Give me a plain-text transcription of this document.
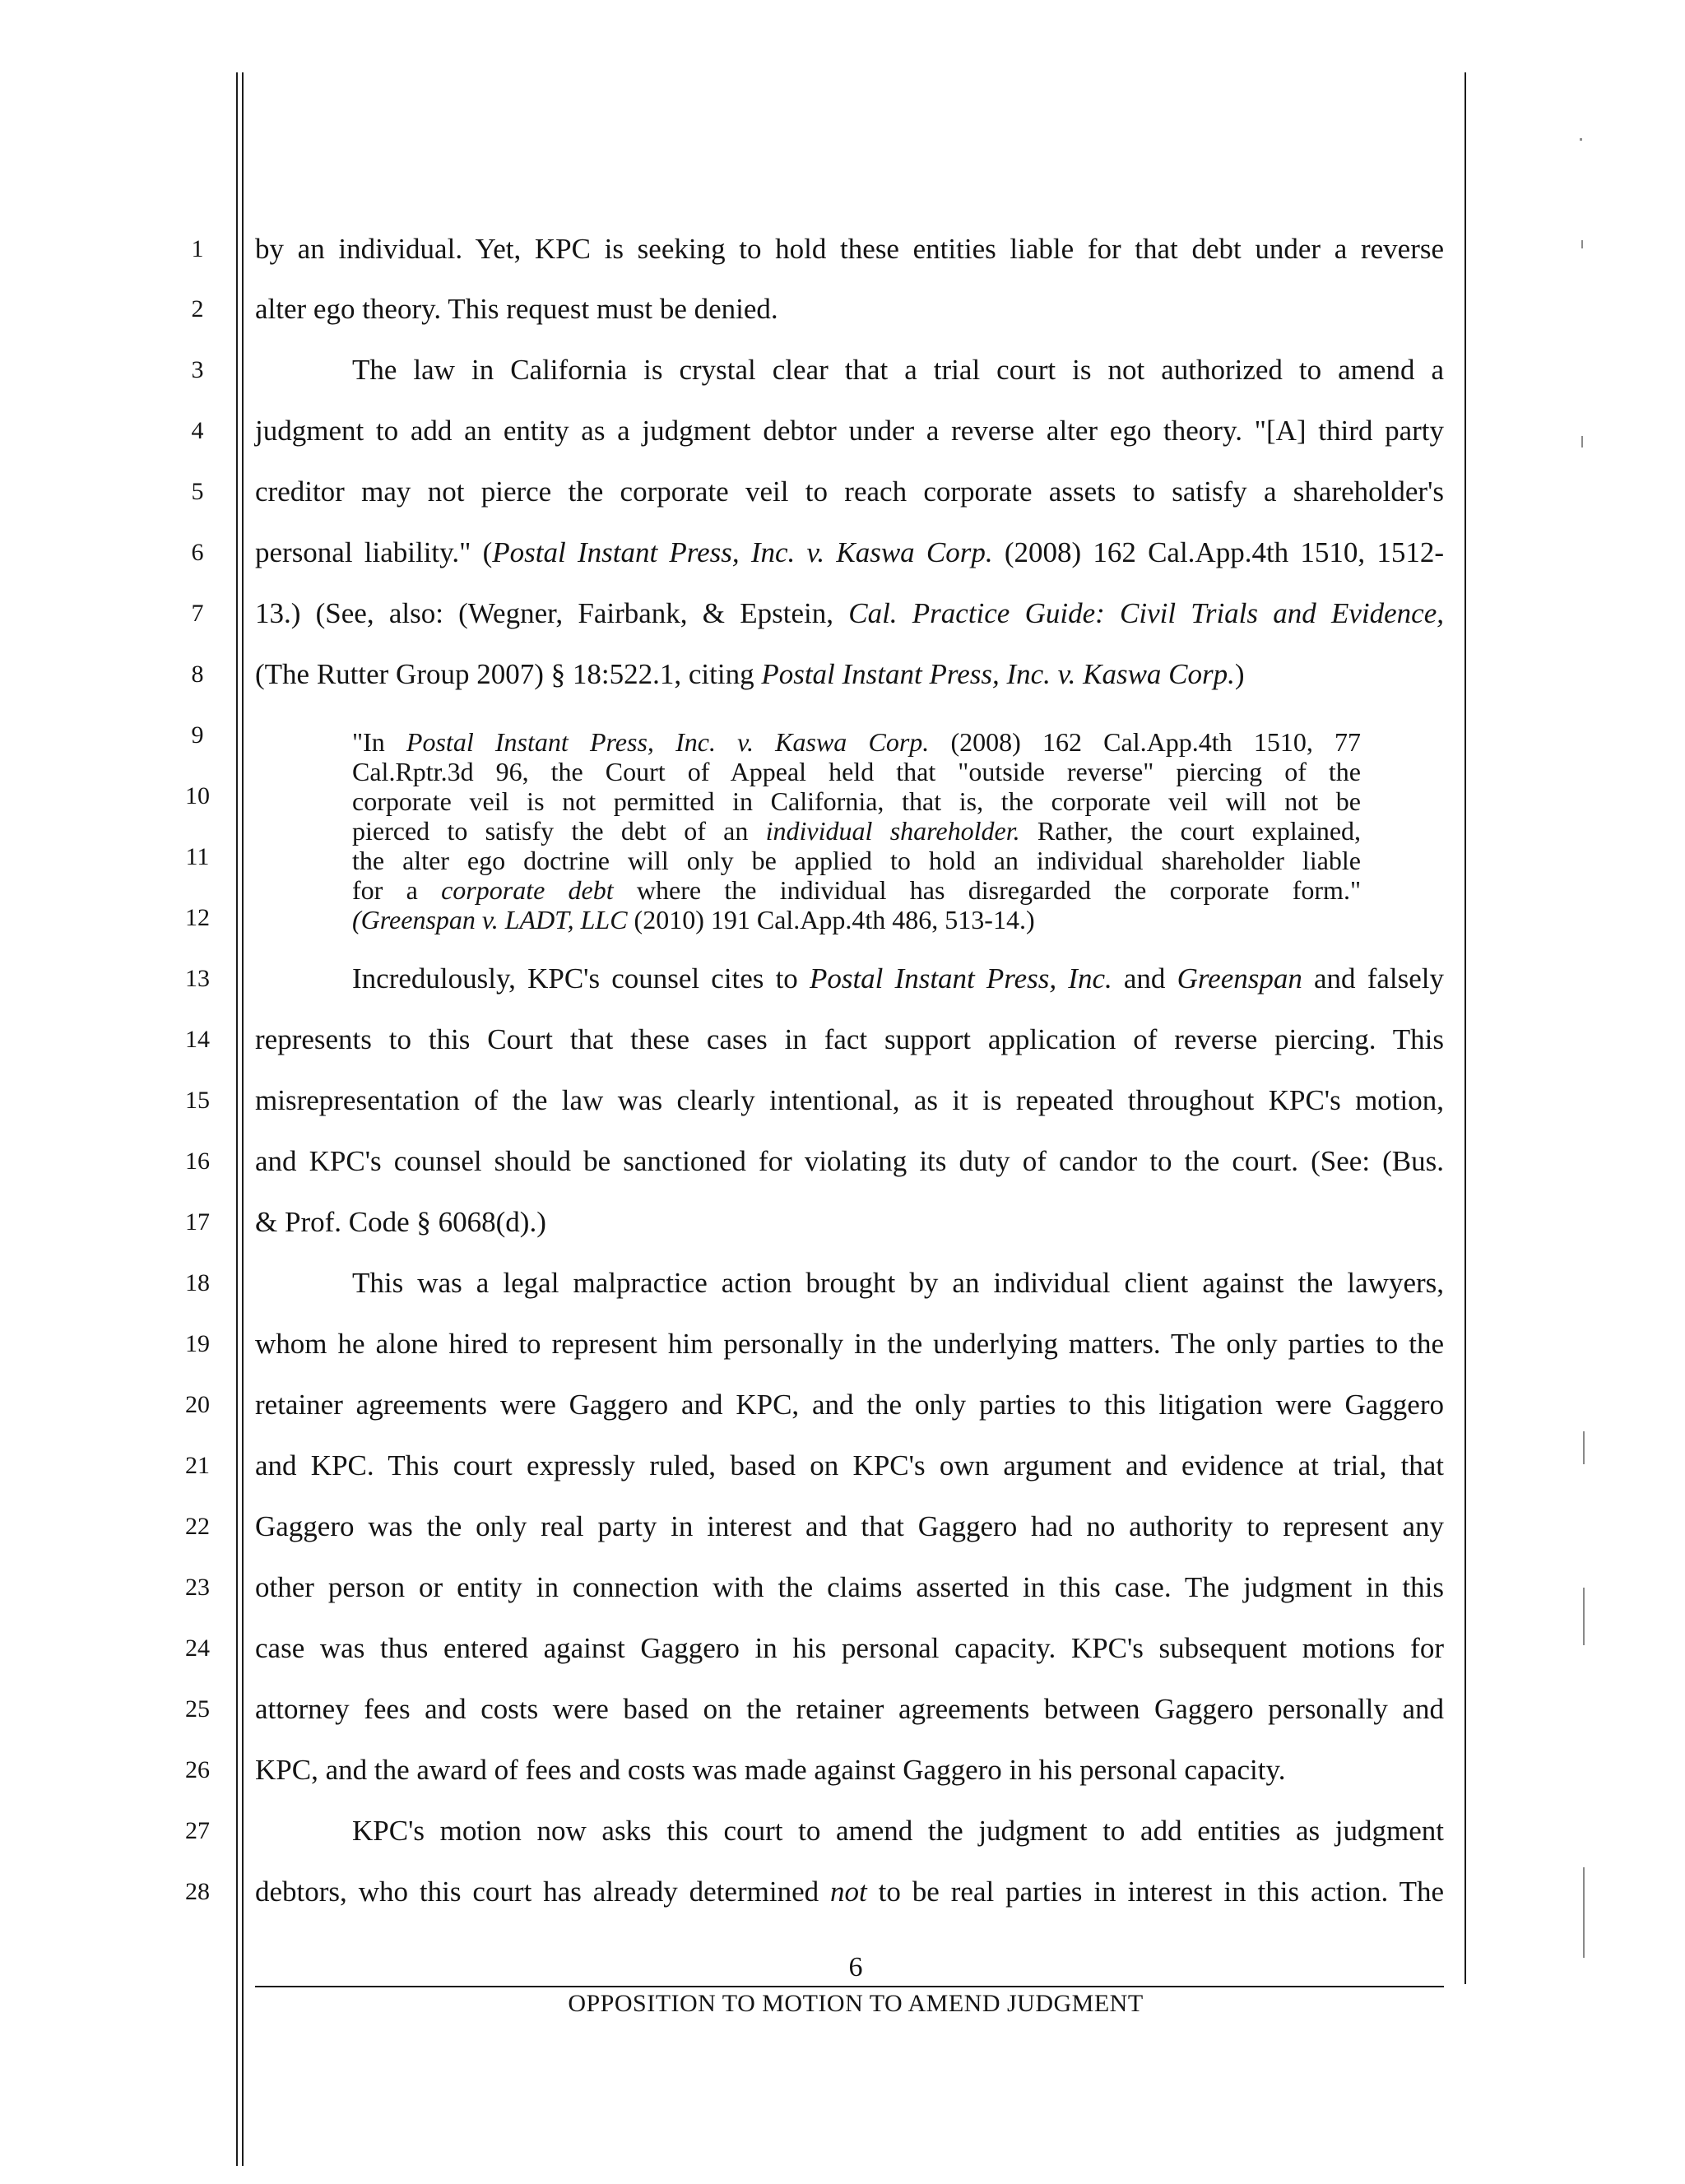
1
2
3
4
5
6
7
8
9
10
11
12
13
14
15
16
17
18
19
20
21
22
23
24
25
26
27
28
by an individual. Yet, KPC is seeking to hold these entities liable for that debt under a reverse
alter ego theory. This request must be denied.
The law in California is crystal clear that a trial court is not authorized to amend a
judgment to add an entity as a judgment debtor under a reverse alter ego theory. "[A] third party
creditor may not pierce the corporate veil to reach corporate assets to satisfy a shareholder's
personal liability." (Postal Instant Press, Inc. v. Kaswa Corp. (2008) 162 Cal.App.4th 1510, 1512-
13.) (See, also: (Wegner, Fairbank, & Epstein, Cal. Practice Guide: Civil Trials and Evidence,
(The Rutter Group 2007) § 18:522.1, citing Postal Instant Press, Inc. v. Kaswa Corp.)
"In Postal Instant Press, Inc. v. Kaswa Corp. (2008) 162 Cal.App.4th 1510, 77
Cal.Rptr.3d 96, the Court of Appeal held that "outside reverse" piercing of the
corporate veil is not permitted in California, that is, the corporate veil will not be
pierced to satisfy the debt of an individual shareholder. Rather, the court explained,
the alter ego doctrine will only be applied to hold an individual shareholder liable
for a corporate debt where the individual has disregarded the corporate form."
(Greenspan v. LADT, LLC (2010) 191 Cal.App.4th 486, 513-14.)
Incredulously, KPC's counsel cites to Postal Instant Press, Inc. and Greenspan and falsely
represents to this Court that these cases in fact support application of reverse piercing. This
misrepresentation of the law was clearly intentional, as it is repeated throughout KPC's motion,
and KPC's counsel should be sanctioned for violating its duty of candor to the court. (See: (Bus.
& Prof. Code § 6068(d).)
This was a legal malpractice action brought by an individual client against the lawyers,
whom he alone hired to represent him personally in the underlying matters. The only parties to the
retainer agreements were Gaggero and KPC, and the only parties to this litigation were Gaggero
and KPC. This court expressly ruled, based on KPC's own argument and evidence at trial, that
Gaggero was the only real party in interest and that Gaggero had no authority to represent any
other person or entity in connection with the claims asserted in this case. The judgment in this
case was thus entered against Gaggero in his personal capacity. KPC's subsequent motions for
attorney fees and costs were based on the retainer agreements between Gaggero personally and
KPC, and the award of fees and costs was made against Gaggero in his personal capacity.
KPC's motion now asks this court to amend the judgment to add entities as judgment
debtors, who this court has already determined not to be real parties in interest in this action. The
6
OPPOSITION TO MOTION TO AMEND JUDGMENT
